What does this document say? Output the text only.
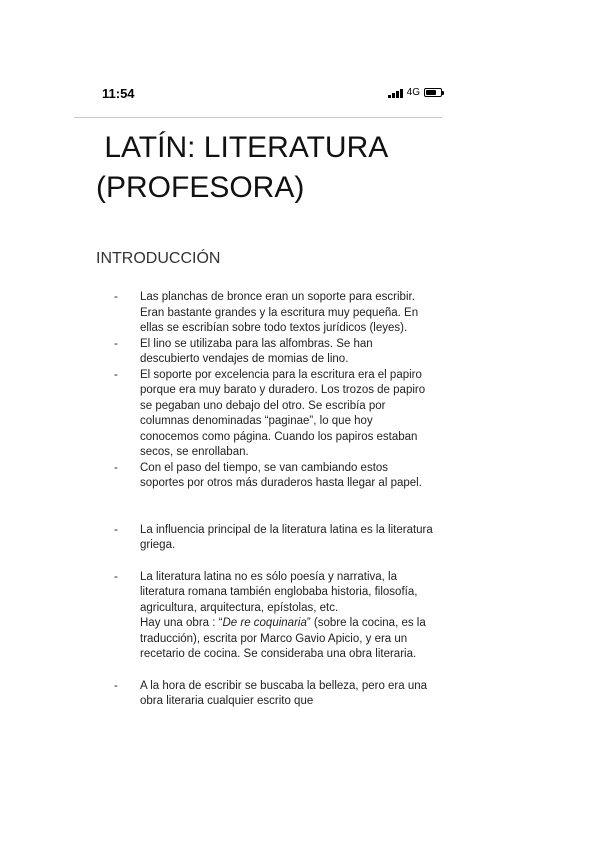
11:54	4G
LATÍN: LITERATURA
(PROFESORA)
INTRODUCCIÓN
- Las planchas de bronce eran un soporte para escribir. Eran bastante grandes y la escritura muy pequeña. En ellas se escribían sobre todo textos jurídicos (leyes).
- El lino se utilizaba para las alfombras. Se han descubierto vendajes de momias de lino.
- El soporte por excelencia para la escritura era el papiro porque era muy barato y duradero. Los trozos de papiro se pegaban uno debajo del otro. Se escribía por columnas denominadas “paginae”, lo que hoy conocemos como página. Cuando los papiros estaban secos, se enrollaban.
- Con el paso del tiempo, se van cambiando estos soportes por otros más duraderos hasta llegar al papel.
- La influencia principal de la literatura latina es la literatura griega.
- La literatura latina no es sólo poesía y narrativa, la literatura romana también englobaba historia, filosofía, agricultura, arquitectura, epístolas, etc.
Hay una obra : “De re coquinaria” (sobre la cocina, es la traducción), escrita por Marco Gavio Apicio, y era un recetario de cocina. Se consideraba una obra literaria.
- A la hora de escribir se buscaba la belleza, pero era una obra literaria cualquier escrito que
